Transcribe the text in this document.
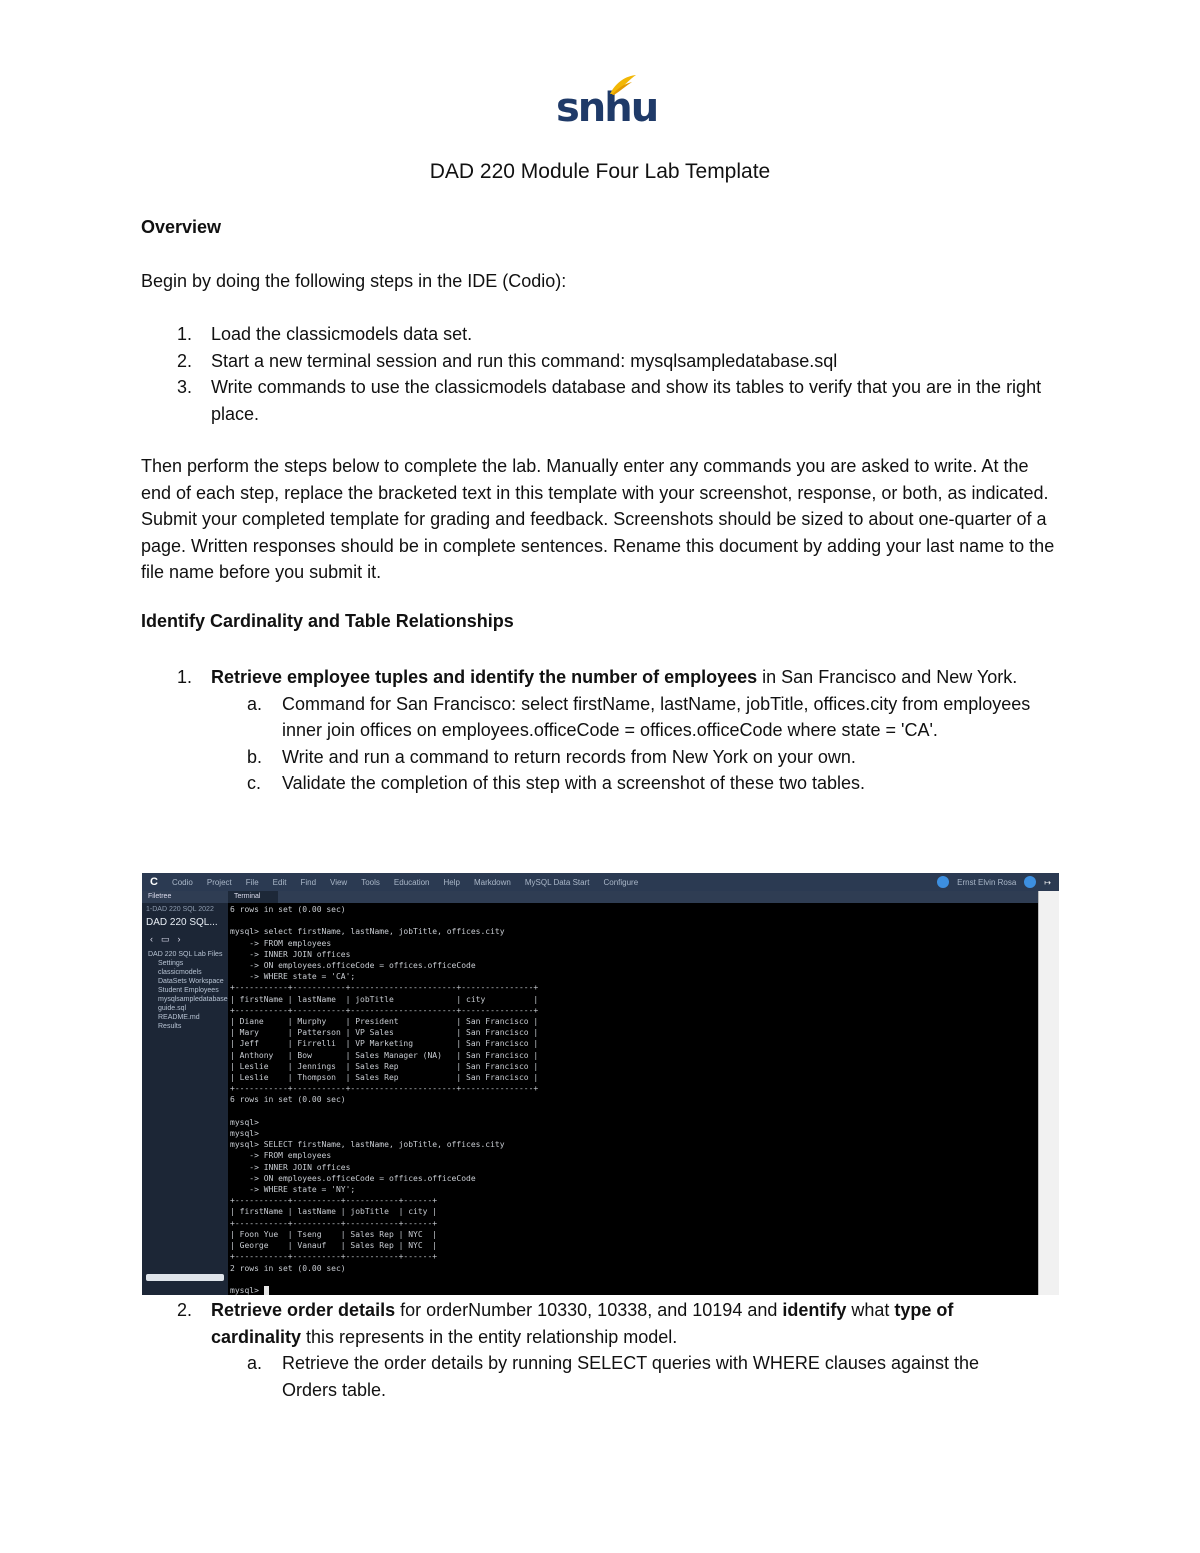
snhu
DAD 220 Module Four Lab Template
Overview
Begin by doing the following steps in the IDE (Codio):
1. Load the classicmodels data set.
2. Start a new terminal session and run this command: mysqlsampledatabase.sql
3. Write commands to use the classicmodels database and show its tables to verify that you are in the right place.
Then perform the steps below to complete the lab. Manually enter any commands you are asked to write. At the end of each step, replace the bracketed text in this template with your screenshot, response, or both, as indicated. Submit your completed template for grading and feedback. Screenshots should be sized to about one-quarter of a page. Written responses should be in complete sentences. Rename this document by adding your last name to the file name before you submit it.
Identify Cardinality and Table Relationships
1. Retrieve employee tuples and identify the number of employees in San Francisco and New York.
a. Command for San Francisco: select firstName, lastName, jobTitle, offices.city from employees inner join offices on employees.officeCode = offices.officeCode where state = 'CA'.
b. Write and run a command to return records from New York on your own.
c. Validate the completion of this step with a screenshot of these two tables.
C Codio Project File Edit Find View Tools Education Help Markdown MySQL Data Start Configure	Ernst Elvin Rosa	↦
Filetree
1-DAD 220 SQL 2022
DAD 220 SQL...
‹▭›
DAD 220 SQL Lab Files
Settings
classicmodels
DataSets Workspace
Student Employees
mysqlsampledatabase
guide.sql
README.md
Results
Terminal
6 rows in set (0.00 sec)

mysql> select firstName, lastName, jobTitle, offices.city
-> FROM employees
-> INNER JOIN offices
-> ON employees.officeCode = offices.officeCode
-> WHERE state = 'CA';
+-----------+-----------+----------------------+---------------+
| firstName | lastName  | jobTitle             | city          |
+-----------+-----------+----------------------+---------------+
| Diane     | Murphy    | President            | San Francisco |
| Mary      | Patterson | VP Sales             | San Francisco |
| Jeff      | Firrelli  | VP Marketing         | San Francisco |
| Anthony   | Bow       | Sales Manager (NA)   | San Francisco |
| Leslie    | Jennings  | Sales Rep            | San Francisco |
| Leslie    | Thompson  | Sales Rep            | San Francisco |
+-----------+-----------+----------------------+---------------+
6 rows in set (0.00 sec)

mysql>
mysql>
mysql> SELECT firstName, lastName, jobTitle, offices.city
-> FROM employees
-> INNER JOIN offices
-> ON employees.officeCode = offices.officeCode
-> WHERE state = 'NY';
+-----------+----------+-----------+------+
| firstName | lastName | jobTitle  | city |
+-----------+----------+-----------+------+
| Foon Yue  | Tseng    | Sales Rep | NYC  |
| George    | Vanauf   | Sales Rep | NYC  |
+-----------+----------+-----------+------+
2 rows in set (0.00 sec)

mysql>
2. Retrieve order details for orderNumber 10330, 10338, and 10194 and identify what type of cardinality this represents in the entity relationship model.
a. Retrieve the order details by running SELECT queries with WHERE clauses against the Orders table.
